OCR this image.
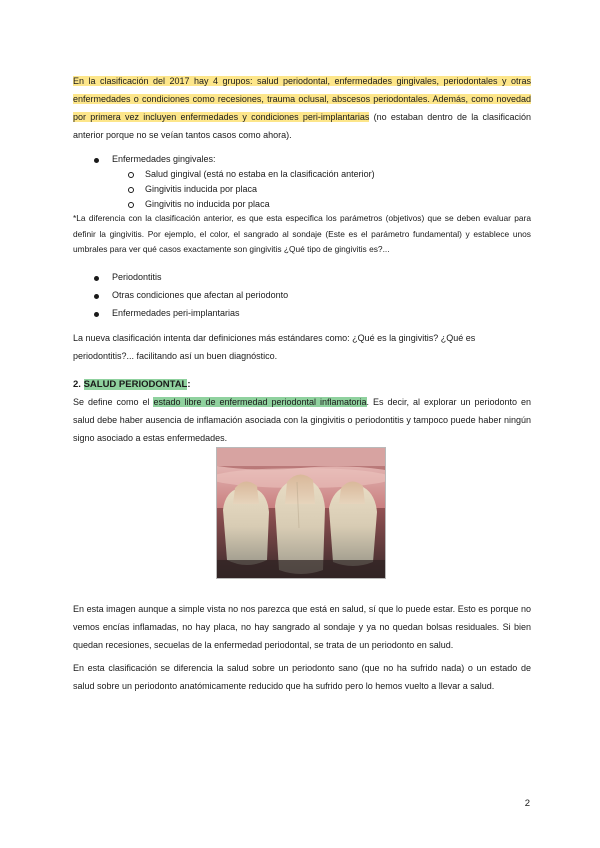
En la clasificación del 2017 hay 4 grupos: salud periodontal, enfermedades gingivales, periodontales y otras enfermedades o condiciones como recesiones, trauma oclusal, abscesos periodontales. Además, como novedad por primera vez incluyen enfermedades y condiciones peri-implantarias (no estaban dentro de la clasificación anterior porque no se veían tantos casos como ahora).

Enfermedades gingivales:
Salud gingival (está no estaba en la clasificación anterior)
Gingivitis inducida por placa
Gingivitis no inducida por placa

*La diferencia con la clasificación anterior, es que esta especifica los parámetros (objetivos) que se deben evaluar para definir la gingivitis. Por ejemplo, el color, el sangrado al sondaje (Este es el parámetro fundamental) y establece unos umbrales para ver qué casos exactamente son gingivitis ¿Qué tipo de gingivitis es?...

Periodontitis
Otras condiciones que afectan al periodonto
Enfermedades peri-implantarias

La nueva clasificación intenta dar definiciones más estándares como: ¿Qué es la gingivitis? ¿Qué es periodontitis?... facilitando así un buen diagnóstico.

2. SALUD PERIODONTAL:

Se define como el estado libre de enfermedad periodontal inflamatoria. Es decir, al explorar un periodonto en salud debe haber ausencia de inflamación asociada con la gingivitis o periodontitis y tampoco puede haber ningún signo asociado a estas enfermedades.

En esta imagen aunque a simple vista no nos parezca que está en salud, sí que lo puede estar. Esto es porque no vemos encías inflamadas, no hay placa, no hay sangrado al sondaje y ya no quedan bolsas residuales. Si bien quedan recesiones, secuelas de la enfermedad periodontal, se trata de un periodonto en salud.

En esta clasificación se diferencia la salud sobre un periodonto sano (que no ha sufrido nada) o un estado de salud sobre un periodonto anatómicamente reducido que ha sufrido pero lo hemos vuelto a llevar a salud.

2
